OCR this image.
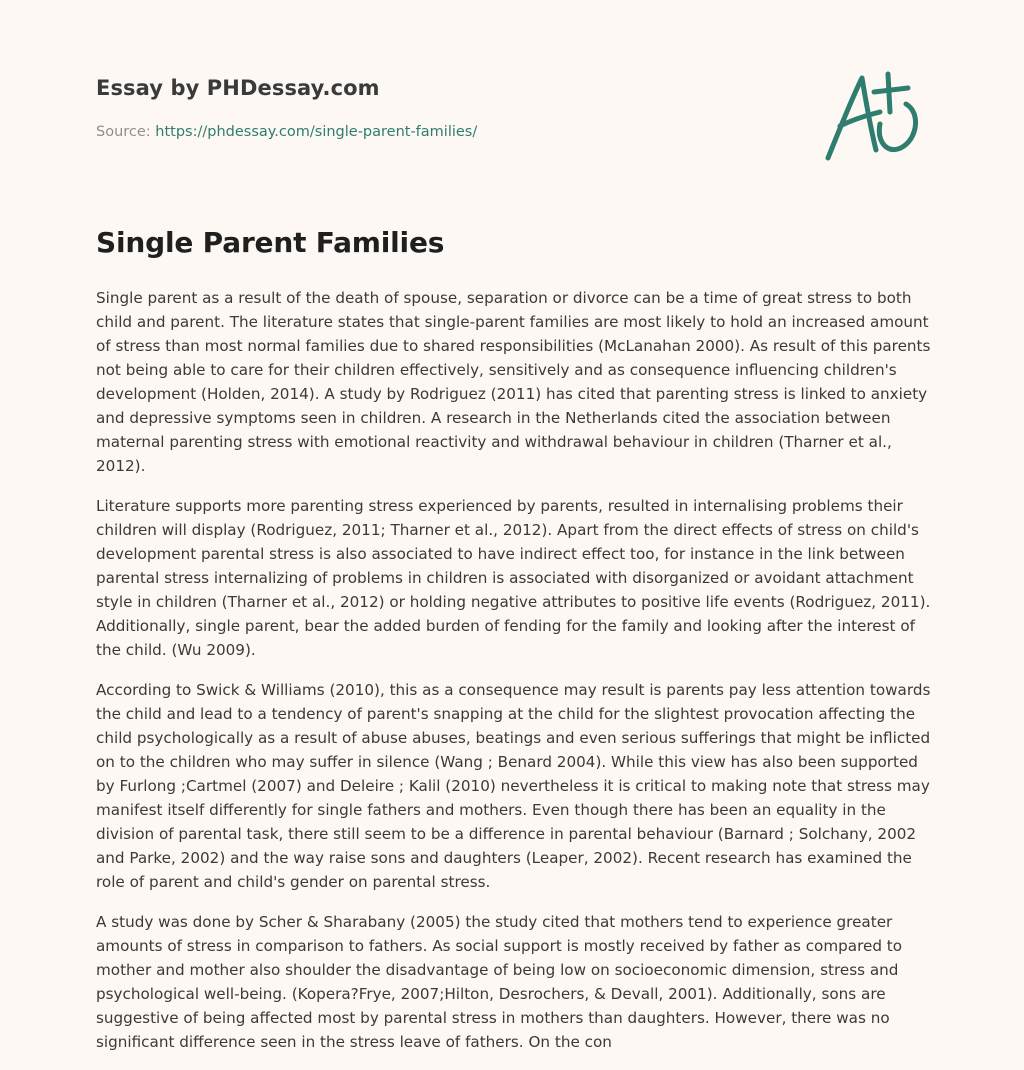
Essay by PHDessay.com
Source: https://phdessay.com/single-parent-families/
Single Parent Families

Single parent as a result of the death of spouse, separation or divorce can be a time of great stress to both child and parent. The literature states that single-parent families are most likely to hold an increased amount of stress than most normal families due to shared responsibilities (McLanahan 2000). As result of this parents not being able to care for their children effectively, sensitively and as consequence influencing children's development (Holden, 2014). A study by Rodriguez (2011) has cited that parenting stress is linked to anxiety and depressive symptoms seen in children. A research in the Netherlands cited the association between maternal parenting stress with emotional reactivity and withdrawal behaviour in children (Tharner et al., 2012).

Literature supports more parenting stress experienced by parents, resulted in internalising problems their children will display (Rodriguez, 2011; Tharner et al., 2012). Apart from the direct effects of stress on child's development parental stress is also associated to have indirect effect too, for instance in the link between parental stress internalizing of problems in children is associated with disorganized or avoidant attachment style in children (Tharner et al., 2012) or holding negative attributes to positive life events (Rodriguez, 2011). Additionally, single parent, bear the added burden of fending for the family and looking after the interest of the child. (Wu 2009).

According to Swick & Williams (2010), this as a consequence may result is parents pay less attention towards the child and lead to a tendency of parent's snapping at the child for the slightest provocation affecting the child psychologically as a result of abuse abuses, beatings and even serious sufferings that might be inflicted on to the children who may suffer in silence (Wang ; Benard 2004). While this view has also been supported by Furlong ;Cartmel (2007) and Deleire ; Kalil (2010) nevertheless it is critical to making note that stress may manifest itself differently for single fathers and mothers. Even though there has been an equality in the division of parental task, there still seem to be a difference in parental behaviour (Barnard ; Solchany, 2002 and Parke, 2002) and the way raise sons and daughters (Leaper, 2002). Recent research has examined the role of parent and child's gender on parental stress.

A study was done by Scher & Sharabany (2005) the study cited that mothers tend to experience greater amounts of stress in comparison to fathers. As social support is mostly received by father as compared to mother and mother also shoulder the disadvantage of being low on socioeconomic dimension, stress and psychological well-being. (Kopera?Frye, 2007;Hilton, Desrochers, & Devall, 2001). Additionally, sons are suggestive of being affected most by parental stress in mothers than daughters. However, there was no significant difference seen in the stress leave of fathers. On the con
